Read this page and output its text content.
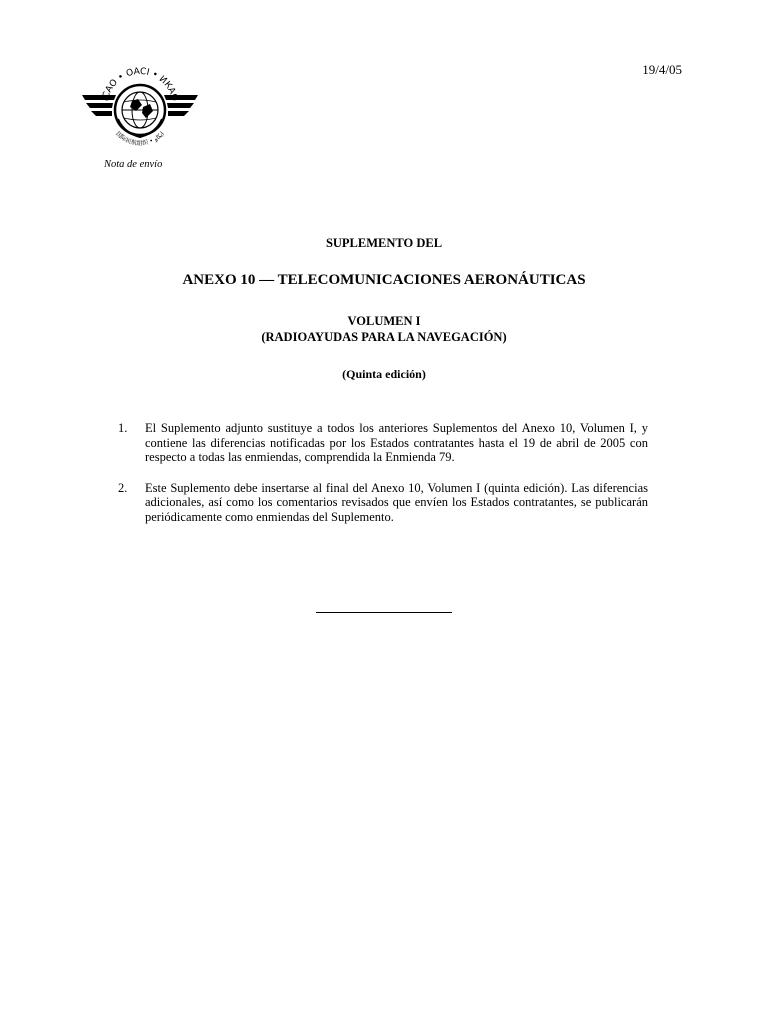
ICAO • OACI • ИКАО
国际民航组织 • ایکاو
Nota de envío
19/4/05
SUPLEMENTO DEL
ANEXO 10 — TELECOMUNICACIONES AERONÁUTICAS
VOLUMEN I
(RADIOAYUDAS PARA LA NAVEGACIÓN)
(Quinta edición)
1.	El Suplemento adjunto sustituye a todos los anteriores Suplementos del Anexo 10, Volumen I, y contiene las diferencias notificadas por los Estados contratantes hasta el 19 de abril de 2005 con respecto a todas las enmiendas, comprendida la Enmienda 79.
2.	Este Suplemento debe insertarse al final del Anexo 10, Volumen I (quinta edición). Las diferencias adicionales, así como los comentarios revisados que envíen los Estados contratantes, se publicarán periódicamente como enmiendas del Suplemento.
